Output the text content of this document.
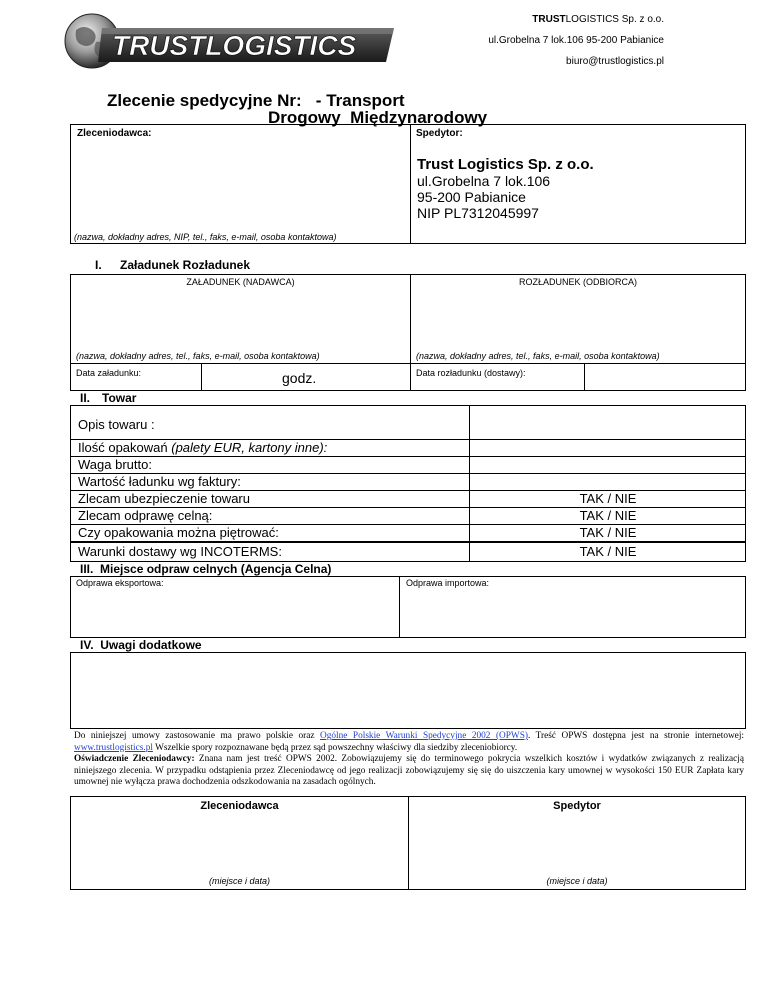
TRUSTLOGISTICS
TRUSTLOGISTICS Sp. z o.o.
ul.Grobelna 7 lok.106 95-200 Pabianice
biuro@trustlogistics.pl
Zlecenie spedycyjne Nr:   - Transport
Drogowy  Międzynarodowy
Zleceniodawca:
(nazwa, dokładny adres, NIP, tel., faks, e-mail, osoba kontaktowa)
Spedytor:
Trust Logistics Sp. z o.o.
ul.Grobelna 7 lok.106
95-200 Pabianice
NIP PL7312045997
I. Załadunek Rozładunek
ZAŁADUNEK (NADAWCA)
(nazwa, dokładny adres, tel., faks, e-mail, osoba kontaktowa)
ROZŁADUNEK (ODBIORCA)
(nazwa, dokładny adres, tel., faks, e-mail, osoba kontaktowa)
Data załadunku:	godz.	Data rozładunku (dostawy):
II. Towar
Opis towaru :
Ilość opakowań (palety EUR, kartony inne):
Waga brutto:
Wartość ładunku wg faktury:
Zlecam ubezpieczenie towaru	TAK / NIE
Zlecam odprawę celną:	TAK / NIE
Czy opakowania można piętrować:	TAK / NIE
Warunki dostawy wg INCOTERMS:	TAK / NIE
III.  Miejsce odpraw celnych (Agencja Celna)
Odprawa eksportowa:	Odprawa importowa:
IV.  Uwagi dodatkowe
Do niniejszej umowy zastosowanie ma prawo polskie oraz Ogólne Polskie Warunki Spedycyjne 2002 (OPWS). Treść OPWS dostępna jest na stronie internetowej: www.trustlogistics.pl Wszelkie spory rozpoznawane będą przez sąd powszechny właściwy dla siedziby zleceniobiorcy.
Oświadczenie Zleceniodawcy: Znana nam jest treść OPWS 2002. Zobowiązujemy się do terminowego pokrycia wszelkich kosztów i wydatków związanych z realizacją niniejszego zlecenia. W przypadku odstąpienia przez Zleceniodawcę od jego realizacji zobowiązujemy się się do uiszczenia kary umownej w wysokości 150 EUR Zapłata kary umownej nie wyłącza prawa dochodzenia odszkodowania na zasadach ogólnych.
Zleceniodawca
(miejsce i data)
Spedytor
(miejsce i data)
